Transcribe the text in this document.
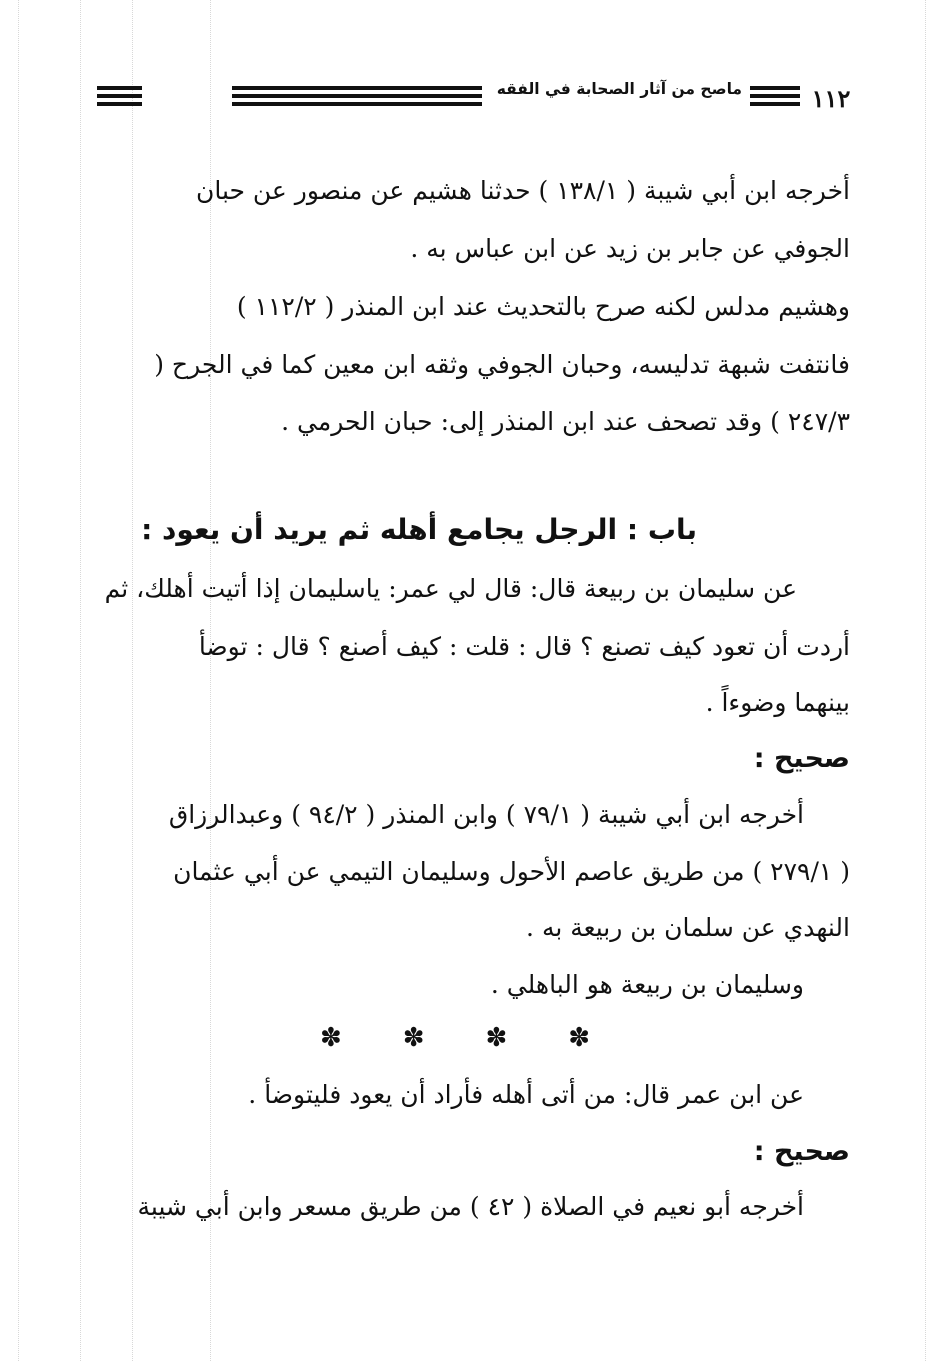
١١٢
ماصح من آثار الصحابة في الفقه
أخرجه ابن أبي شيبة ( ١٣٨/١ ) حدثنا هشيم عن منصور عن حبان
الجوفي عن جابر بن زيد عن ابن عباس به .
وهشيم مدلس لكنه صرح بالتحديث عند ابن المنذر ( ١١٢/٢ )
فانتفت شبهة تدليسه، وحبان الجوفي وثقه ابن معين كما في الجرح (
٢٤٧/٣ ) وقد تصحف عند ابن المنذر إلى: حبان الحرمي .
باب : الرجل يجامع أهله ثم يريد أن يعود :
عن سليمان بن ربيعة قال: قال لي عمر: ياسليمان إذا أتيت أهلك، ثم
أردت أن تعود كيف تصنع ؟ قال : قلت : كيف أصنع ؟ قال : توضأ
بينهما وضوءاً .
صحيح :
أخرجه ابن أبي شيبة ( ٧٩/١ ) وابن المنذر ( ٩٤/٢ ) وعبدالرزاق
( ٢٧٩/١ ) من طريق عاصم الأحول وسليمان التيمي عن أبي عثمان
النهدي عن سلمان بن ربيعة به .
وسليمان بن ربيعة هو الباهلي .
✽
✽
✽
✽
عن ابن عمر قال: من أتى أهله فأراد أن يعود فليتوضأ .
صحيح :
أخرجه أبو نعيم في الصلاة ( ٤٢ ) من طريق مسعر وابن أبي شيبة
